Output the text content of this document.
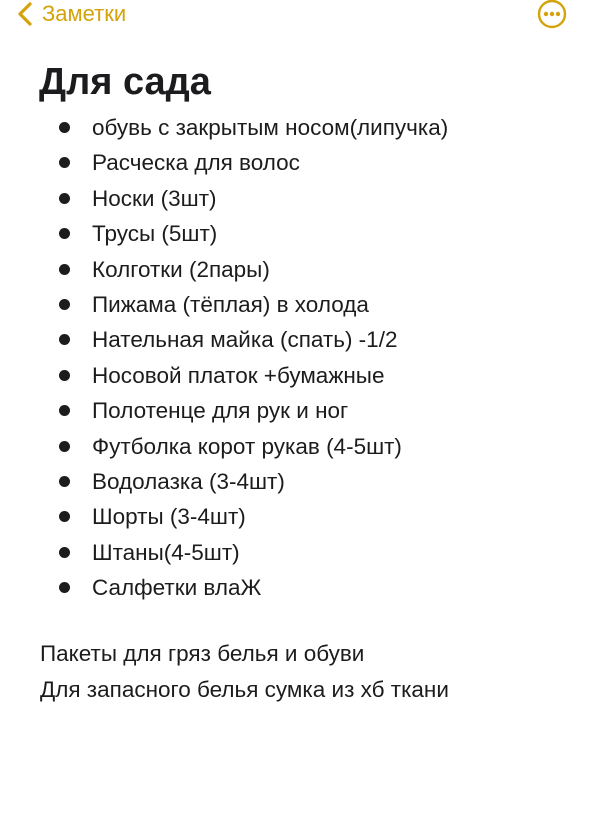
Заметки
Для сада
обувь с закрытым носом(липучка)
Расческа для волос
Носки (3шт)
Трусы (5шт)
Колготки (2пары)
Пижама (тёплая) в холода
Нательная майка (спать) -1/2
Носовой платок +бумажные
Полотенце для рук и ног
Футболка корот рукав (4-5шт)
Водолазка (3-4шт)
Шорты (3-4шт)
Штаны(4-5шт)
Салфетки влаЖ

Пакеты для гряз белья и обуви

Для запасного белья сумка из хб ткани
